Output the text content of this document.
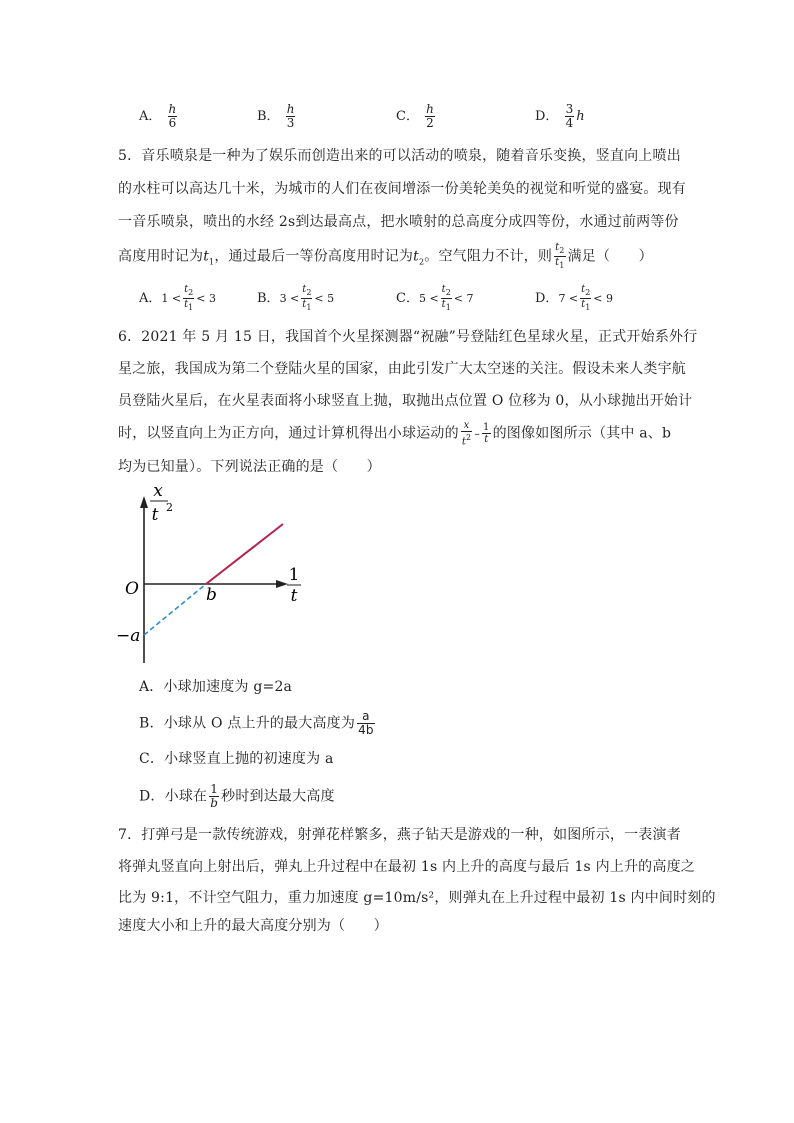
A． $\frac{h}{6}$	B． $\frac{h}{3}$	C． $\frac{h}{2}$	D． $\frac{3}{4}$ h
5．音乐喷泉是一种为了娱乐而创造出来的可以活动的喷泉，随着音乐变换，竖直向上喷出
的水柱可以高达几十米，为城市的人们在夜间增添一份美轮美奂的视觉和听觉的盛宴。现有
一音乐喷泉，喷出的水经 2s到达最高点，把水喷射的总高度分成四等份，水通过前两等份
高度用时记为$t_1$，通过最后一等份高度用时记为$t_2$。空气阻力不计，则 $\frac{t_2}{t_1}$ 满足（　　）
A．$1 < \frac{t_2}{t_1} < 3$	B．$3 < \frac{t_2}{t_1} < 5$	C．$5 < \frac{t_2}{t_1} < 7$	D．$7 < \frac{t_2}{t_1} < 9$
6．2021 年 5 月 15 日，我国首个火星探测器“祝融”号登陆红色星球火星，正式开始系外行
星之旅，我国成为第二个登陆火星的国家，由此引发广大太空迷的关注。假设未来人类宇航
员登陆火星后，在火星表面将小球竖直上抛，取抛出点位置 O 位移为 0，从小球抛出开始计
时，以竖直向上为正方向，通过计算机得出小球运动的 $\frac{x}{t^2} - \frac{1}{t}$ 的图像如图所示（其中 a、b
均为已知量）。下列说法正确的是（　　）
x
t 2
1
t
O	b
−a
A．小球加速度为 g=2a
B．小球从 O 点上升的最大高度为 $\frac{a}{4b}$
C．小球竖直上抛的初速度为 a
D．小球在 $\frac{1}{b}$ 秒时到达最大高度
7．打弹弓是一款传统游戏，射弹花样繁多，燕子钻天是游戏的一种，如图所示，一表演者
将弹丸竖直向上射出后，弹丸上升过程中在最初 1s 内上升的高度与最后 1s 内上升的高度之
比为 9:1，不计空气阻力，重力加速度 g=10m/s²，则弹丸在上升过程中最初 1s 内中间时刻的
速度大小和上升的最大高度分别为（　　）
